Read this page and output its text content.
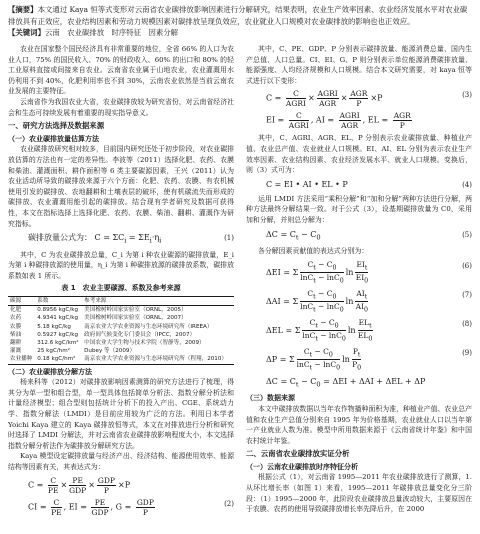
【摘要】本文通过 Kaya 恒等式变形对云南省农业碳排放影响因素进行分解研究，结果表明，农业生产效率因素、农业经济发展水平对农业碳排放具有正效应，农业结构因素和劳动力规模因素对碳排放呈现负效应，农业就业人口规模对农业碳排放的影响也也正效应。
【关键词】云南　农业碳排放　时序特征　因素分解

农业在国家整个国民经济具有非常重要的地位，全省 66% 的人口为农业人口，75% 的国民收入、70% 的财政收入、60% 的出口和 80% 的轻工业原料直接或间接来自农业。云南省农业属于山地农业，农业灌溉用水仍利用不到 40%，化肥利用率也不到 30%，云南农业依然是当前云南农业发展的主要特征。

云南省作为我国农业大省，农业碳排放较为研究省份，对云南省经济社会和生态可持续发展有着重要的现实指导意义。

一、研究方法选择及数据来源
（一）农业碳排放量估算方法

农业碳排放研究相对较多，目前国内研究还处于初步阶段，对农业碳排放估算的方法也有一定的差异性。李波等（2011）选择化肥、农药、农膜和柴油、灌溉面积、耕作面积等 6 类主要碳源因素，王兴（2011）认为农业活动所导致的碳排放来源于六个方面：化肥、农药、农膜、有农机械使用引发的碳排放、农地翻耕和土壤表层的破坏，使有机碳流失而形成的碳排放、农业灌溉用能引起的碳排放。结合现有学者研究及数据可获得性，本文在指标选择上选择化肥、农药、农膜、柴油、翻耕、灌溉作为研究指标。

碳排放量公式为： $C = \Sigma C_i = \Sigma E_i\cdot\eta_i$	(1)

其中，C 为农业碳排放总量，C_i 为第 i 种农业碳源的碳排放量，E_i 为第 i 种碳排放源的使用量，η_i 为第 i 种碳排放源的碳排放系数，碳排放系数如表 1 所示。

表 1　农业主要碳源、系数及参考来源
碳源	系数	参考来源
化肥	0.8956 kgC/kg	美国橡树岭国家实验室（ORNL，2005）
农药	4.9341 kgC/kg	美国橡树岭国家实验室（ORNL，2007）
农膜	5.18 kgC/kg	南京农业大学农业资源与生态环境研究所（IREEA）
柴油	0.5927 kgC/kg	政府间气候变化专门委员会（IPCC，2007）
翻耕	312.6 kgC/km²	中国农业大学生物与技术学院（智静等，2009）
灌溉	25 kgC/hm²	Dubey 等（2009）
农业播种	0.18 kgC/hm²	南京农业大学农业资源与生态环境研究所（程翔，2010）
（二）农业碳排放分解方法

杨来科等（2012）对碳排放影响因素测算的研究方法进行了梳理，得其分为单一型和组合型，单一型具体包括简单分析法、指数分解分析法和计量经济模型；组合型则包括统计分析下的投入产出、CGE、系统动力学、指数分解法（LMDI）是目前应用较为广泛的方法。利用日本学者 Yoichi Kaya 建立的 Kaya 碳排放恒等式，本文在对排放进行分析和研究时选择了 LMDI 分解法，并对云南省农业碳排放影响程度大小，本文选择指数分解分析法作为碳排放分解研究方法。

Kaya 模型设定碳排放量与经济产出、经济结构、能源使用效率、能源结构等因素有关，其表达式为：

$C = \frac{C}{PE} \times \frac{PE}{\text{GDP}} \times \frac{\text{GDP}}{P} \times P$
CI = $\frac{C}{PE}$ , EI = $\frac{PE}{\text{GDP}}$ , $G = \frac{\text{GDP}}{P}$	(2)

其中，C、PE、GDP、P 分别表示碳排放量、能源消费总量、国内生产总值、人口总量。CI、EI、G、P 则分别表示单位能源消费碳排放量、能源强度、人均经济规模和人口规模。结合本文研究需要，对 kaya 恒等式进行以下变形：

$C = \frac{C}{\text{AGRI}} \times \frac{\text{AGRI}}{\text{AGR}} \times \frac{\text{AGR}}{P} \times P$	(3)
EI = $\frac{C}{\text{AGRI}}$ , AI = $\frac{\text{AGRI}}{\text{AGR}}$ , EL = $\frac{\text{AGR}}{P}$

其中，C、AGRI、AGR、EL、P 分别表示农业碳排放量、种植业产值、农业总产值、农业就业人口规模。EI、AI、EL 分别为表示农业生产效率因素、农业结构因素、农业经济发展水平、就业人口规模。变换后，则（3）式可为：

C = EI • AI • EL • P	(4)

运用 LMDI 方法采用“乘积分解”和“加和分解”两种方法进行分解，两种方法最终分解结果一致。对于公式（3），设基期碳排放量为 C0，采用加和分解，并则总分解为：

$\Delta C = C_t - C_0$	(5)

各分解因素贡献值的表达式分别为：

ΔEI = Σ $\frac{C_t - C_0}{\ln C_t - \ln C_0}$ $\ln \frac{EI_t}{EI_0}$	(6)
ΔAI = Σ $\frac{C_t - C_0}{\ln C_t - \ln C_0}$ $\ln \frac{AI_t}{AI_0}$	(7)
ΔEL = Σ $\frac{C_t - C_0}{\ln C_t - \ln C_0}$ $\ln \frac{EL_t}{EL_0}$	(8)
ΔP = Σ $\frac{C_t - C_0}{\ln C_t - \ln C_0}$ $\ln \frac{P_t}{P_0}$	(9)
$\Delta C = C_t - C_0 = \Delta EI + \Delta AI + \Delta EL + \Delta P$
（三）数据来源

本文中碳排放数据以当年农作物播种面积为准，种植业产值、农业总产值和农业生产总值分别来自 1995 年为价格基期，农业就业人口以当年第一产业就业人数为准。模型中所用数据来源于《云南省统计年鉴》和中国农村统计年鉴。

二、云南省农业碳排放实证分析
（一）云南农业碳排放时序特征分析

根据公式（1），对云南省 1995—2011 年农业碳排放进行了测算，1. 从环比增长率（如图 1）来看，1995—2011 年碳排放总量变化分三阶段：（1）1995—2000 年，此阶段农业碳排放总量波动较大，主要原因在于农膜、农药的使用导致碳排放增长率先降后升，在 2000
